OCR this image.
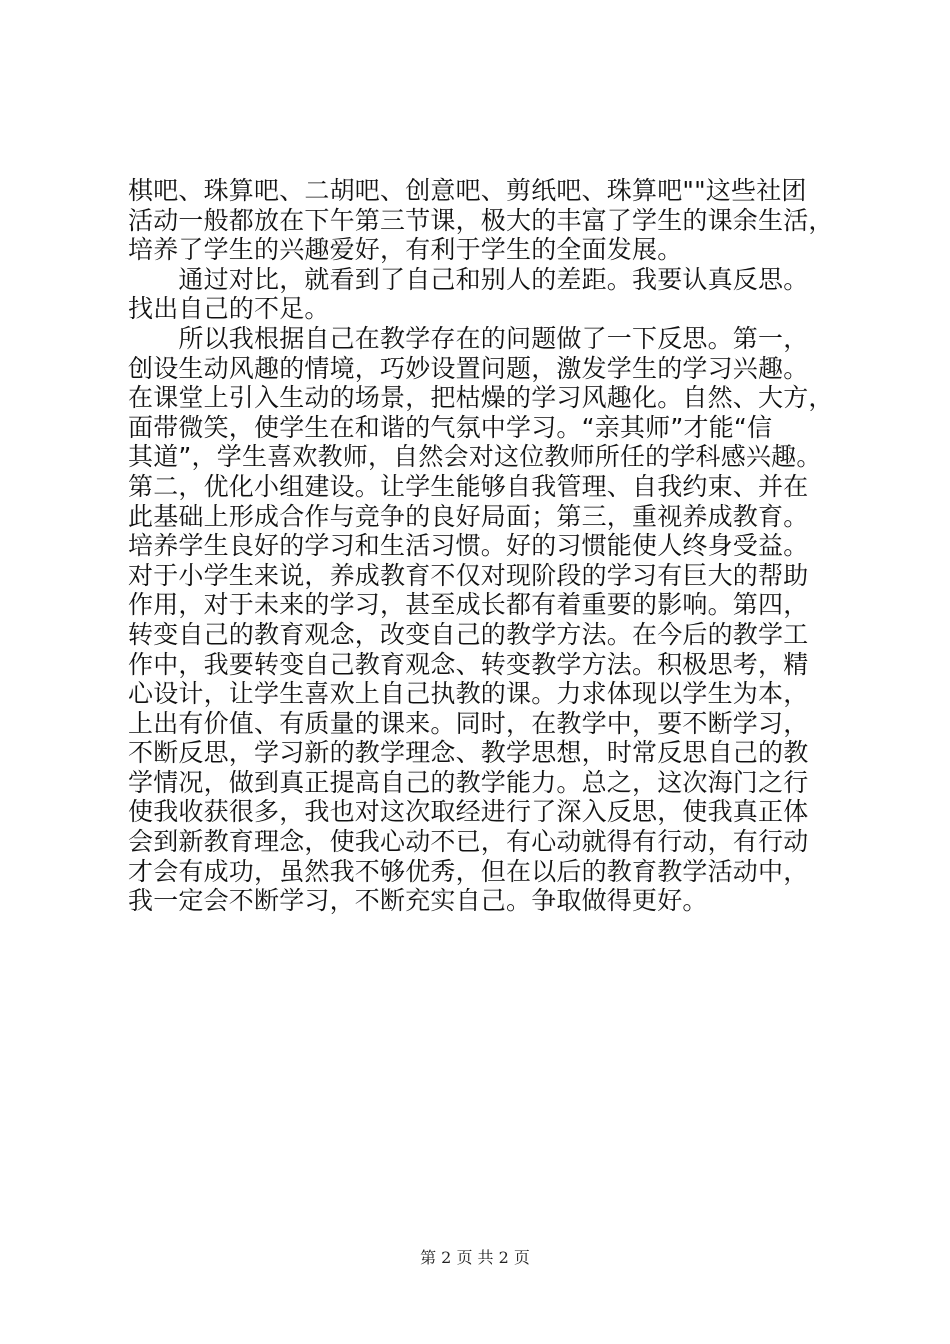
棋吧、珠算吧、二胡吧、创意吧、剪纸吧、珠算吧""这些社团
活动一般都放在下午第三节课，极大的丰富了学生的课余生活，
培养了学生的兴趣爱好，有利于学生的全面发展。
　　通过对比，就看到了自己和别人的差距。我要认真反思。
找出自己的不足。
　　所以我根据自己在教学存在的问题做了一下反思。第一，
创设生动风趣的情境，巧妙设置问题，激发学生的学习兴趣。
在课堂上引入生动的场景，把枯燥的学习风趣化。自然、大方，
面带微笑，使学生在和谐的气氛中学习。“亲其师”才能“信
其道”，学生喜欢教师，自然会对这位教师所任的学科感兴趣。
第二，优化小组建设。让学生能够自我管理、自我约束、并在
此基础上形成合作与竞争的良好局面；第三，重视养成教育。
培养学生良好的学习和生活习惯。好的习惯能使人终身受益。
对于小学生来说，养成教育不仅对现阶段的学习有巨大的帮助
作用，对于未来的学习，甚至成长都有着重要的影响。第四，
转变自己的教育观念，改变自己的教学方法。在今后的教学工
作中，我要转变自己教育观念、转变教学方法。积极思考，精
心设计，让学生喜欢上自己执教的课。力求体现以学生为本，
上出有价值、有质量的课来。同时，在教学中，要不断学习，
不断反思，学习新的教学理念、教学思想，时常反思自己的教
学情况，做到真正提高自己的教学能力。总之，这次海门之行
使我收获很多，我也对这次取经进行了深入反思，使我真正体
会到新教育理念，使我心动不已，有心动就得有行动，有行动
才会有成功，虽然我不够优秀，但在以后的教育教学活动中，
我一定会不断学习，不断充实自己。争取做得更好。
第 2 页 共 2 页
